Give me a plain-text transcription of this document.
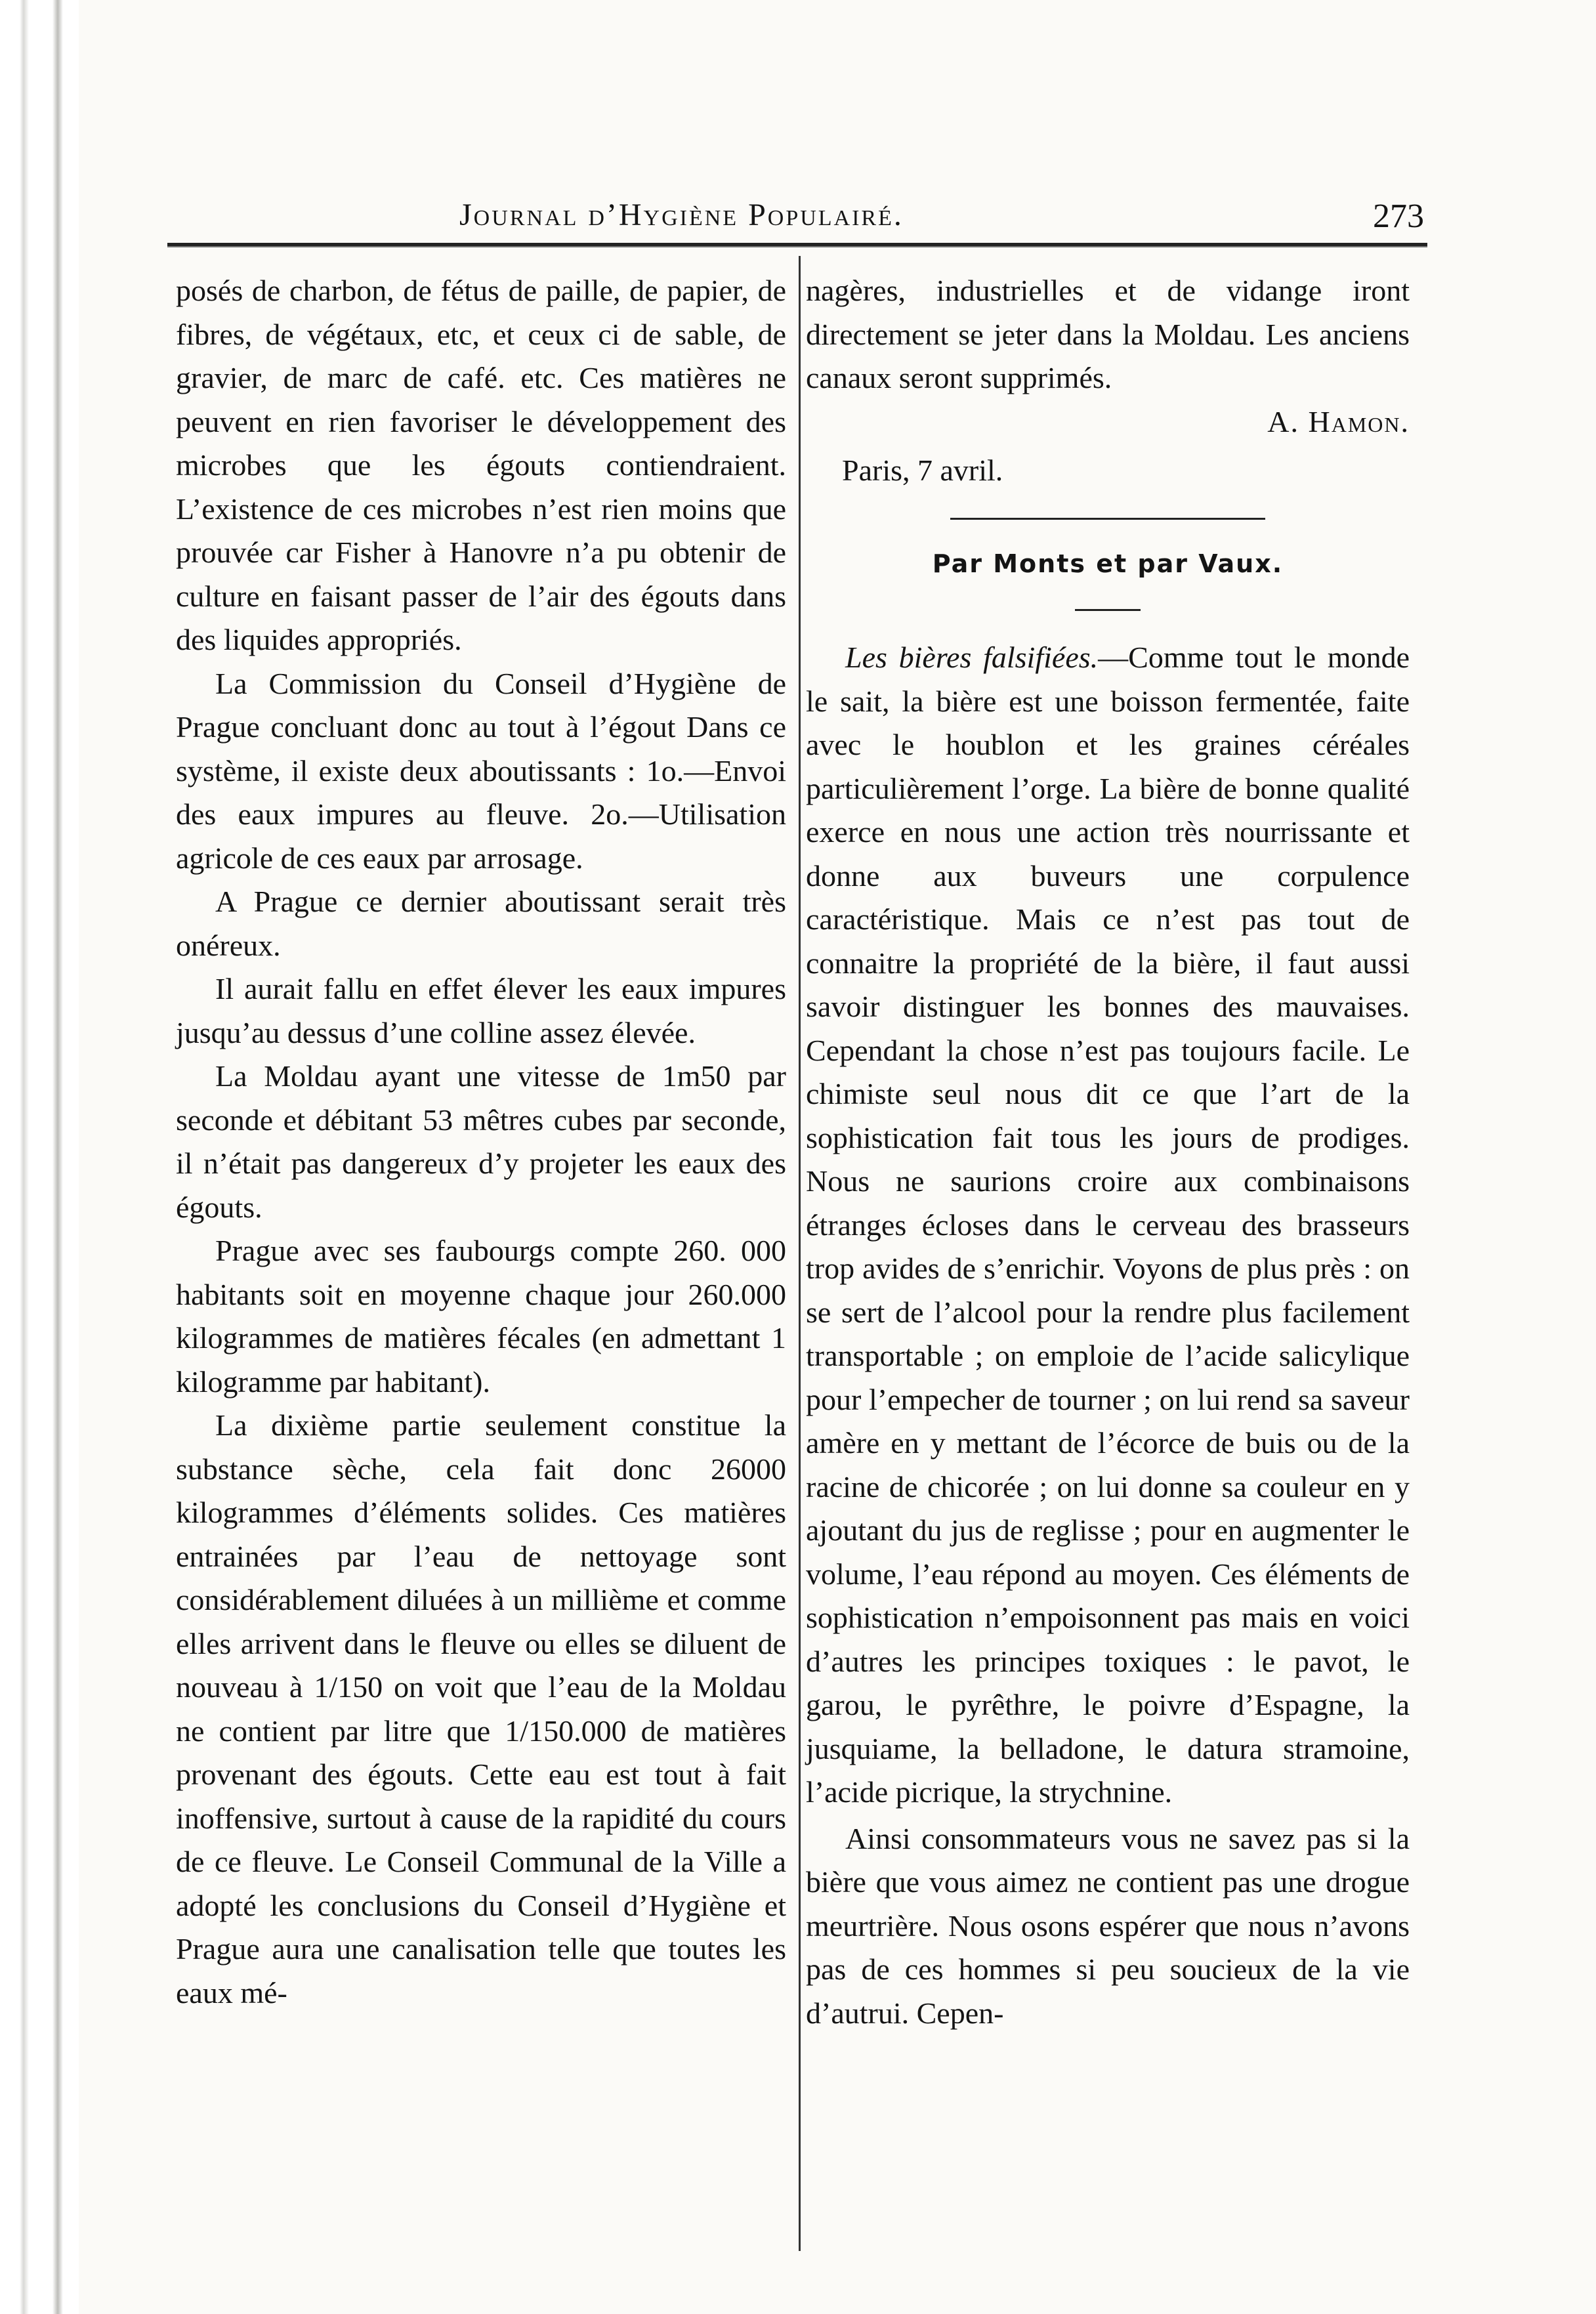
Journal d’Hygiène Populairé.	273

posés de charbon, de fétus de paille, de papier, de fibres, de végétaux, etc, et ceux ci de sable, de gravier, de marc de café. etc. Ces matières ne peuvent en rien favoriser le développement des microbes que les égouts contiendraient. L’existence de ces microbes n’est rien moins que prouvée car Fisher à Hanovre n’a pu obtenir de culture en faisant passer de l’air des égouts dans des liquides appropriés.

La Commission du Conseil d’Hygiène de Prague concluant donc au tout à l’égout Dans ce système, il existe deux aboutissants : 1o.—Envoi des eaux impures au fleuve. 2o.—Utilisation agricole de ces eaux par arrosage.

A Prague ce dernier aboutissant serait très onéreux.

Il aurait fallu en effet élever les eaux impures jusqu’au dessus d’une colline assez élevée.

La Moldau ayant une vitesse de 1m50 par seconde et débitant 53 mêtres cubes par seconde, il n’était pas dangereux d’y projeter les eaux des égouts.

Prague avec ses faubourgs compte 260. 000 habitants soit en moyenne chaque jour 260.000 kilogrammes de matières fécales (en admettant 1 kilogramme par habitant).

La dixième partie seulement constitue la substance sèche, cela fait donc 26000 kilogrammes d’éléments solides. Ces matières entrainées par l’eau de nettoyage sont considérablement diluées à un millième et comme elles arrivent dans le fleuve ou elles se diluent de nouveau à 1/150 on voit que l’eau de la Moldau ne contient par litre que 1/150.000 de matières provenant des égouts. Cette eau est tout à fait inoffensive, surtout à cause de la rapidité du cours de ce fleuve. Le Conseil Communal de la Ville a adopté les conclusions du Conseil d’Hygiène et Prague aura une canalisation telle que toutes les eaux mé-

nagères, industrielles et de vidange iront directement se jeter dans la Moldau. Les anciens canaux seront supprimés.

A. Hamon.

Paris, 7 avril.

Par Monts et par Vaux.

Les bières falsifiées.—Comme tout le monde le sait, la bière est une boisson fermentée, faite avec le houblon et les graines céréales particulièrement l’orge. La bière de bonne qualité exerce en nous une action très nourrissante et donne aux buveurs une corpulence caractéristique. Mais ce n’est pas tout de connaitre la propriété de la bière, il faut aussi savoir distinguer les bonnes des mauvaises. Cependant la chose n’est pas toujours facile. Le chimiste seul nous dit ce que l’art de la sophistication fait tous les jours de prodiges. Nous ne saurions croire aux combinaisons étranges écloses dans le cerveau des brasseurs trop avides de s’enrichir. Voyons de plus près : on se sert de l’alcool pour la rendre plus facilement transportable ; on emploie de l’acide salicylique pour l’empecher de tourner ; on lui rend sa saveur amère en y mettant de l’écorce de buis ou de la racine de chicorée ; on lui donne sa couleur en y ajoutant du jus de reglisse ; pour en augmenter le volume, l’eau répond au moyen. Ces éléments de sophistication n’empoisonnent pas mais en voici d’autres les principes toxiques : le pavot, le garou, le pyrêthre, le poivre d’Espagne, la jusquiame, la belladone, le datura stramoine, l’acide picrique, la strychnine.

Ainsi consommateurs vous ne savez pas si la bière que vous aimez ne contient pas une drogue meurtrière. Nous osons espérer que nous n’avons pas de ces hommes si peu soucieux de la vie d’autrui. Cepen-
